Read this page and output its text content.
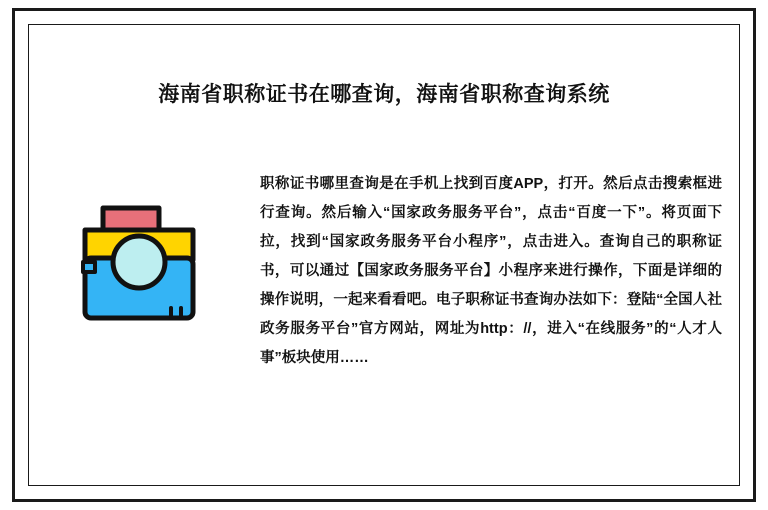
海南省职称证书在哪查询，海南省职称查询系统
职称证书哪里查询是在手机上找到百度APP，打开。然后点击搜索框进行查询。然后输入“国家政务服务平台”，点击“百度一下”。将页面下拉，找到“国家政务服务平台小程序”，点击进入。查询自己的职称证书，可以通过【国家政务服务平台】小程序来进行操作，下面是详细的操作说明，一起来看看吧。电子职称证书查询办法如下：登陆“全国人社政务服务平台”官方网站，网址为http：//，进入“在线服务”的“人才人事”板块使用……
